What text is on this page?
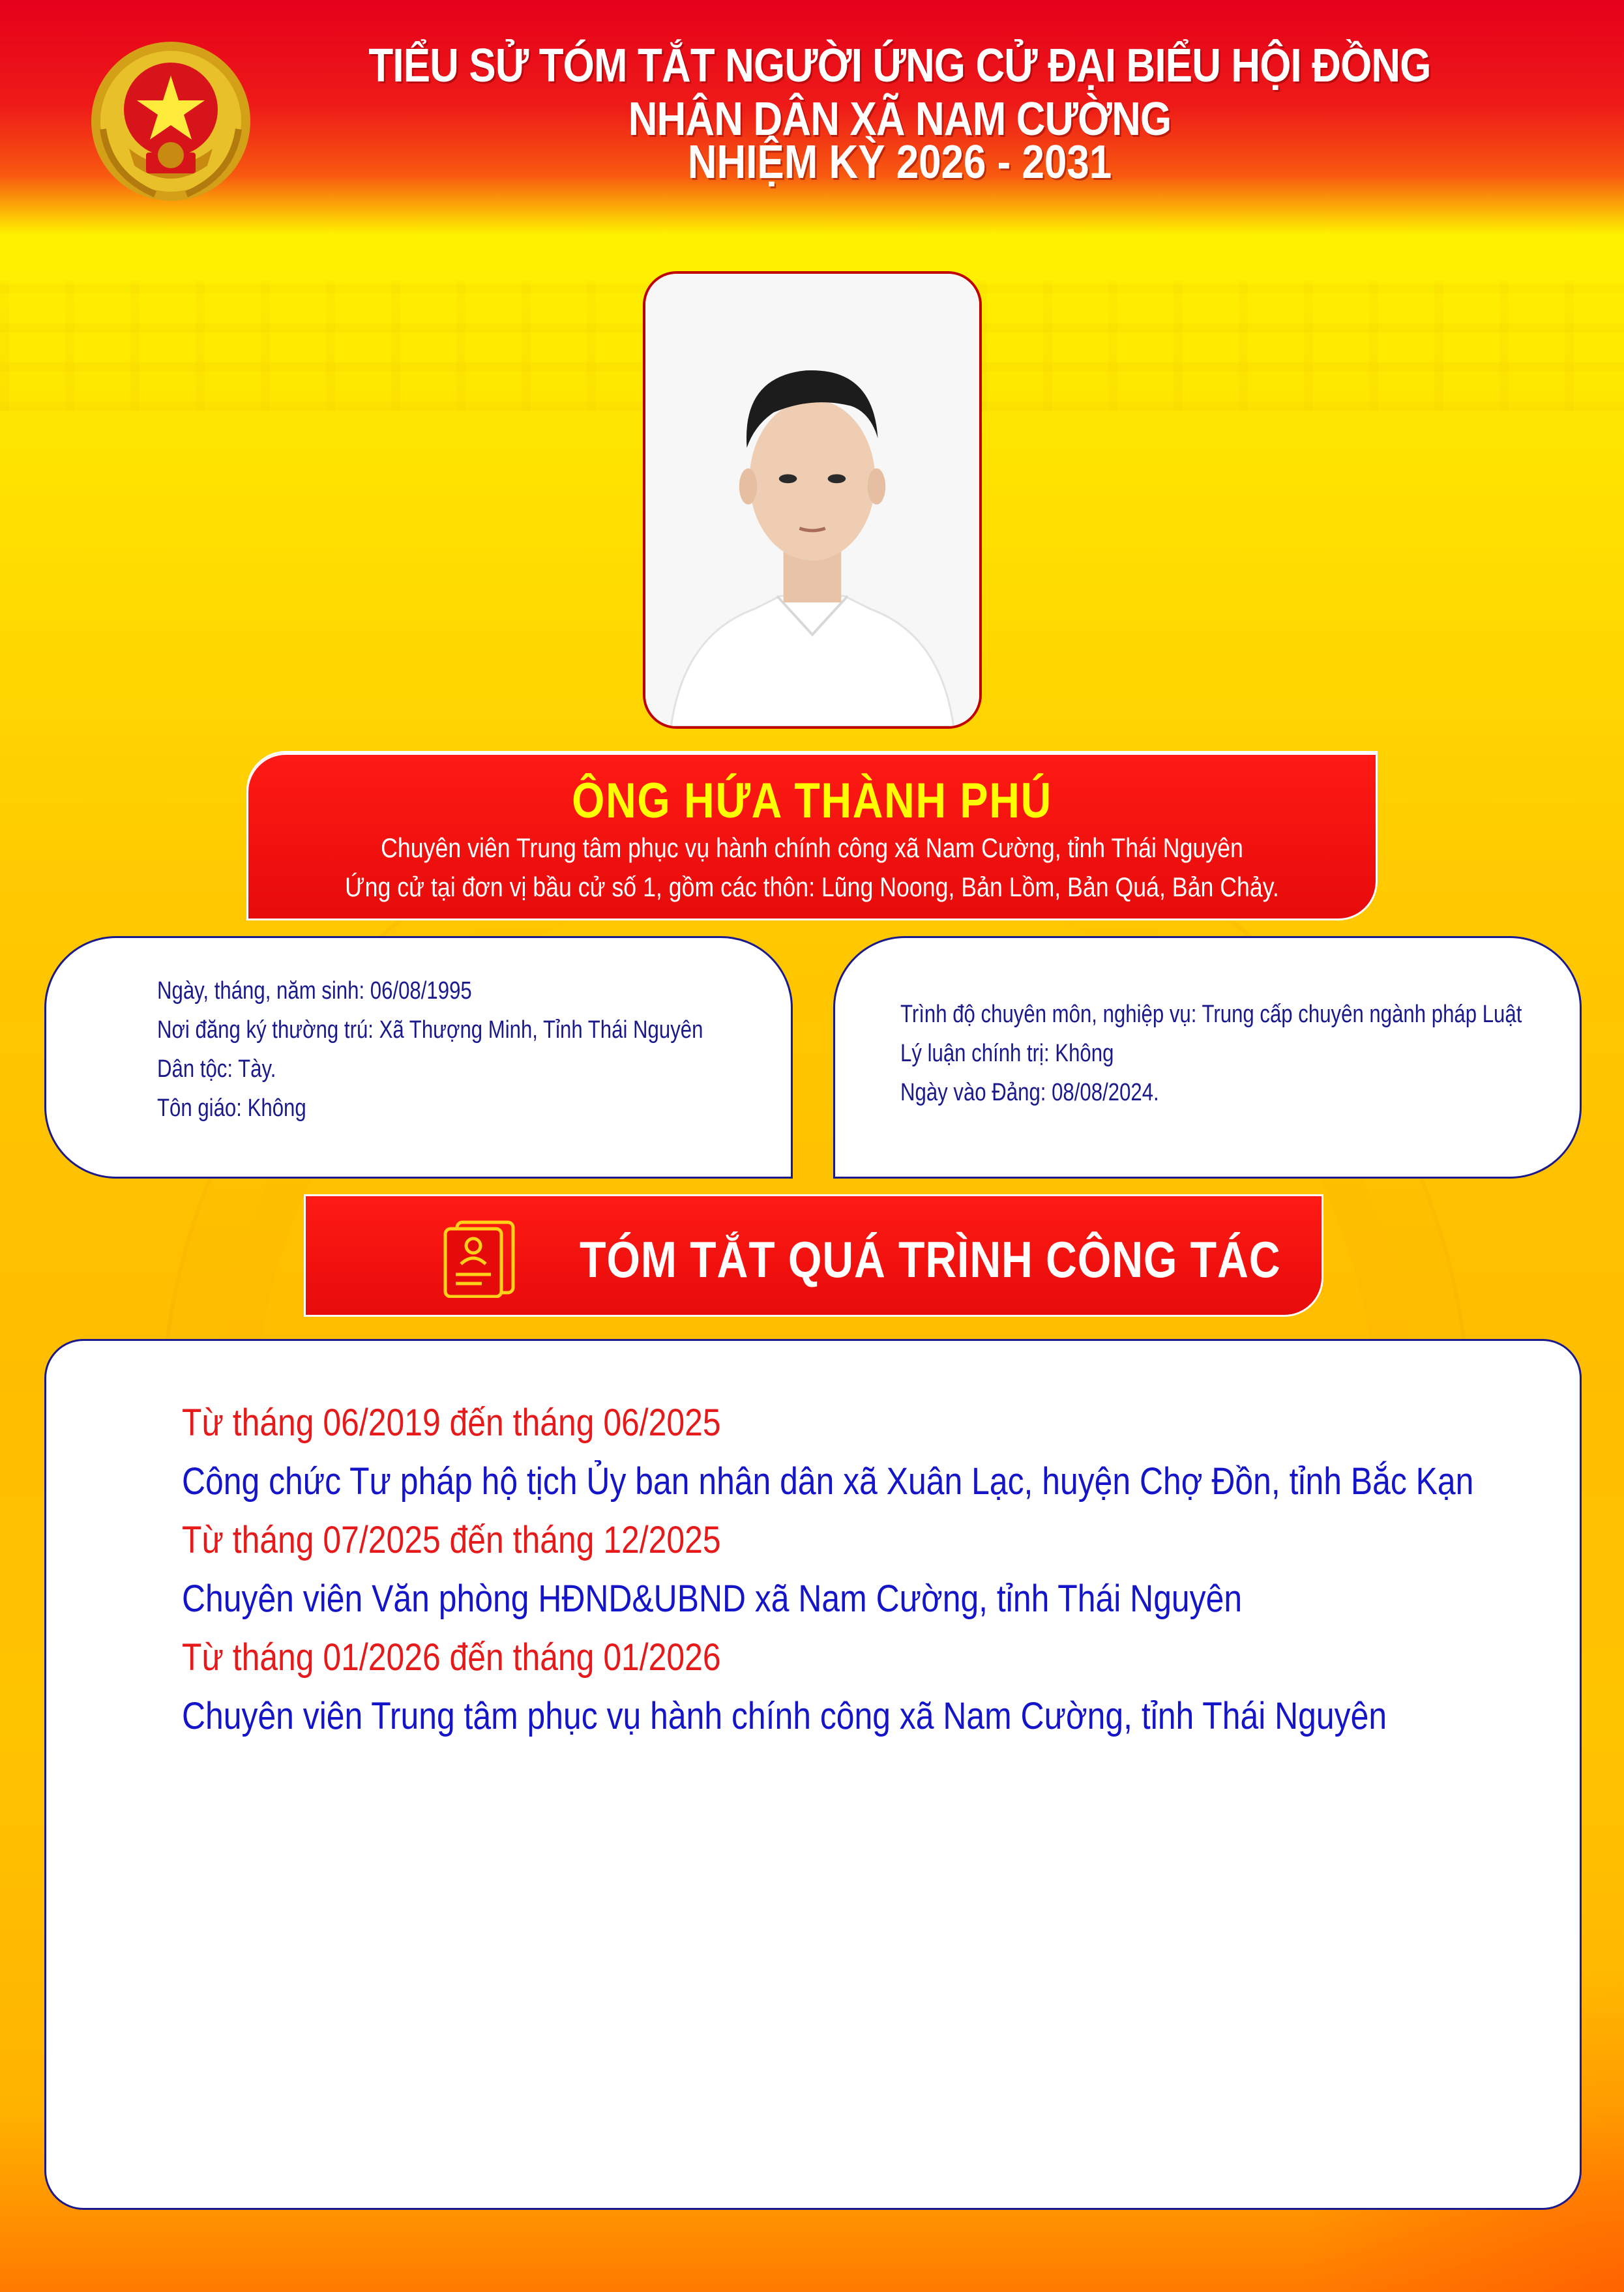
TIỂU SỬ TÓM TẮT NGƯỜI ỨNG CỬ ĐẠI BIỂU HỘI ĐỒNG NHÂN DÂN XÃ NAM CƯỜNG
NHIỆM KỲ 2026 - 2031
ÔNG HỨA THÀNH PHÚ
Chuyên viên Trung tâm phục vụ hành chính công xã Nam Cường, tỉnh Thái Nguyên
Ứng cử tại đơn vị bầu cử số 1, gồm các thôn: Lũng Noong, Bản Lồm, Bản Quá, Bản Chảy.
Ngày, tháng, năm sinh: 06/08/1995
Nơi đăng ký thường trú: Xã Thượng Minh, Tỉnh Thái Nguyên
Dân tộc: Tày.
Tôn giáo: Không
Trình độ chuyên môn, nghiệp vụ: Trung cấp chuyên ngành pháp Luật
Lý luận chính trị: Không
Ngày vào Đảng: 08/08/2024.
TÓM TẮT QUÁ TRÌNH CÔNG TÁC
Từ tháng 06/2019 đến tháng 06/2025
Công chức Tư pháp hộ tịch Ủy ban nhân dân xã Xuân Lạc, huyện Chợ Đồn, tỉnh Bắc Kạn
Từ tháng 07/2025 đến tháng 12/2025
Chuyên viên Văn phòng HĐND&UBND xã Nam Cường, tỉnh Thái Nguyên
Từ tháng 01/2026 đến tháng 01/2026
Chuyên viên Trung tâm phục vụ hành chính công xã Nam Cường, tỉnh Thái Nguyên
